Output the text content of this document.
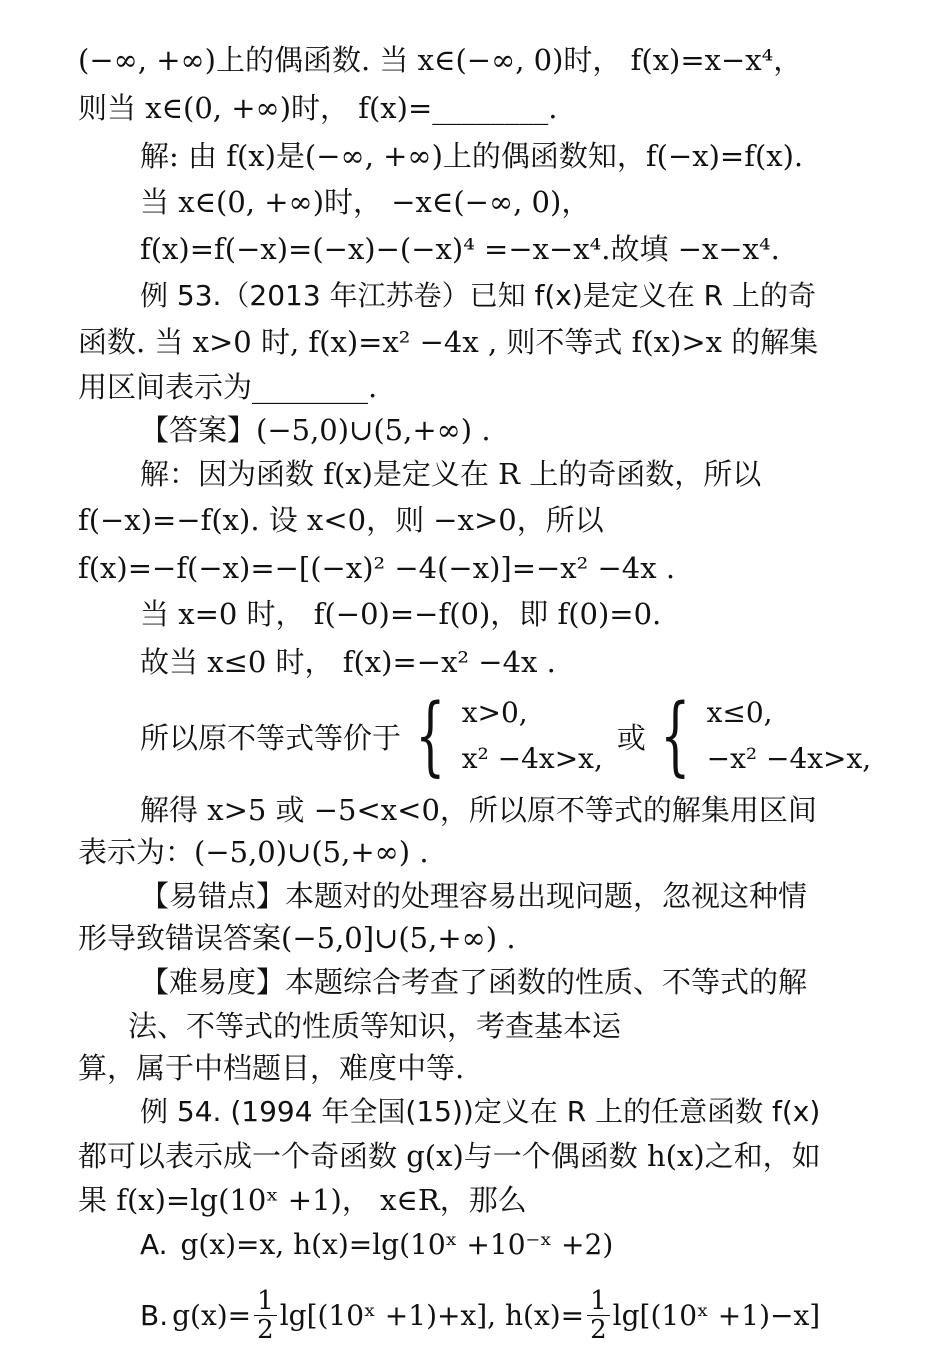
(−∞, +∞)上的偶函数. 当 x∈(−∞, 0)时， f(x)=x−x⁴，
则当 x∈(0, +∞)时， f(x)=________.
解: 由 f(x)是(−∞, +∞)上的偶函数知，f(−x)=f(x).
当 x∈(0, +∞)时， −x∈(−∞, 0)，
f(x)=f(−x)=(−x)−(−x)⁴ =−x−x⁴.故填 −x−x⁴.
例 53.（2013 年江苏卷）已知 f(x)是定义在 R 上的奇
函数. 当 x>0 时, f(x)=x² −4x , 则不等式 f(x)>x 的解集
用区间表示为________.
【答案】(−5,0)∪(5,+∞) .
解：因为函数 f(x)是定义在 R 上的奇函数，所以
f(−x)=−f(x). 设 x<0，则 −x>0，所以
f(x)=−f(−x)=−[(−x)² −4(−x)]=−x² −4x .
当 x=0 时， f(−0)=−f(0)，即 f(0)=0.
故当 x≤0 时， f(x)=−x² −4x .
所以原不等式等价于 { x>0,
x² −4x>x,
或 { x≤0,
−x² −4x>x,
解得 x>5 或 −5<x<0，所以原不等式的解集用区间
表示为：(−5,0)∪(5,+∞) .
【易错点】本题对的处理容易出现问题，忽视这种情
形导致错误答案(−5,0]∪(5,+∞) .
【难易度】本题综合考查了函数的性质、不等式的解
法、不等式的性质等知识，考查基本运
算，属于中档题目，难度中等.
例 54. (1994 年全国(15))定义在 R 上的任意函数 f(x)
都可以表示成一个奇函数 g(x)与一个偶函数 h(x)之和，如
果 f(x)=lg(10ˣ +1)， x∈R，那么
A. g(x)=x, h(x)=lg(10ˣ +10⁻ˣ +2)
B. $g(x)= \frac{1}{2}$ lg[(10ˣ +1)+x], $h(x)= \frac{1}{2}$ lg[(10ˣ +1)−x]
